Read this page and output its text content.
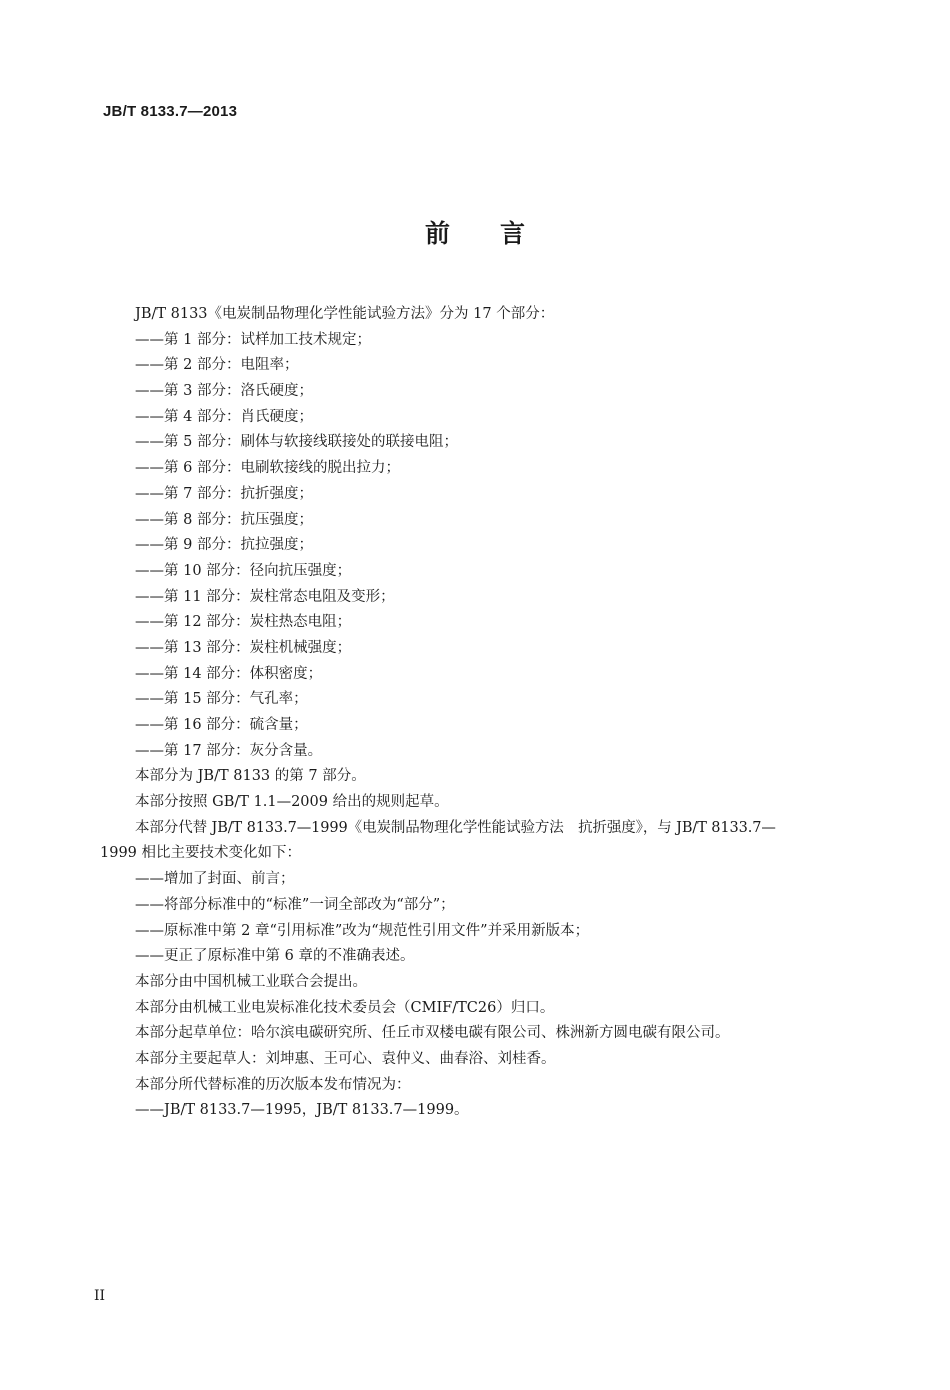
JB/T 8133.7—2013
前 言
JB/T 8133《电炭制品物理化学性能试验方法》分为 17 个部分：
——第 1 部分：试样加工技术规定；
——第 2 部分：电阻率；
——第 3 部分：洛氏硬度；
——第 4 部分：肖氏硬度；
——第 5 部分：刷体与软接线联接处的联接电阻；
——第 6 部分：电刷软接线的脱出拉力；
——第 7 部分：抗折强度；
——第 8 部分：抗压强度；
——第 9 部分：抗拉强度；
——第 10 部分：径向抗压强度；
——第 11 部分：炭柱常态电阻及变形；
——第 12 部分：炭柱热态电阻；
——第 13 部分：炭柱机械强度；
——第 14 部分：体积密度；
——第 15 部分：气孔率；
——第 16 部分：硫含量；
——第 17 部分：灰分含量。
本部分为 JB/T 8133 的第 7 部分。
本部分按照 GB/T 1.1—2009 给出的规则起草。
本部分代替 JB/T 8133.7—1999《电炭制品物理化学性能试验方法　抗折强度》，与 JB/T 8133.7—
1999 相比主要技术变化如下：
——增加了封面、前言；
——将部分标准中的“标准”一词全部改为“部分”；
——原标准中第 2 章“引用标准”改为“规范性引用文件”并采用新版本；
——更正了原标准中第 6 章的不准确表述。
本部分由中国机械工业联合会提出。
本部分由机械工业电炭标准化技术委员会（CMIF/TC26）归口。
本部分起草单位：哈尔滨电碳研究所、任丘市双楼电碳有限公司、株洲新方圆电碳有限公司。
本部分主要起草人：刘坤惠、王可心、袁仲义、曲春浴、刘桂香。
本部分所代替标准的历次版本发布情况为：
——JB/T 8133.7—1995，JB/T 8133.7—1999。
II
